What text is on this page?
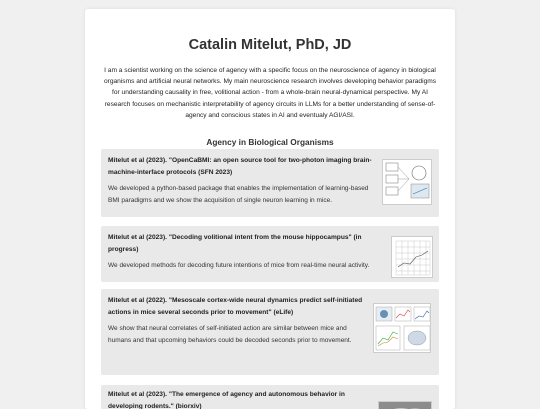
Catalin Mitelut, PhD, JD
I am a scientist working on the science of agency with a specific focus on the neuroscience of agency in biological organisms and artificial neural networks. My main neuroscience research involves developing behavior paradigms for understanding causality in free, volitional action - from a whole-brain neural-dynamical perspective. My AI research focuses on mechanistic interpretability of agency circuits in LLMs for a better understanding of sense-of-agency and conscious states in AI and eventualy AGI/ASI.
Agency in Biological Organisms
Mitelut et al (2023). "OpenCaBMI: an open source tool for two-photon imaging brain-machine-interface protocols (SFN 2023)
We developed a python-based package that enables the implementation of learning-based BMI paradigms and we show the acquisition of single neuron learning in mice.
Mitelut et al (2023). "Decoding volitional intent from the mouse hippocampus" (in progress)
We developed methods for decoding future intentions of mice from real-time neural activity.
Mitelut et al (2022). "Mesoscale cortex-wide neural dynamics predict self-initiated actions in mice several seconds prior to movement" (eLife)
We show that neural correlates of self-initiated action are similar between mice and humans and that upcoming behaviors could be decoded seconds prior to movement.
Mitelut et al (2023). "The emergence of agency and autonomous behavior in developing rodents." (biorxiv)
